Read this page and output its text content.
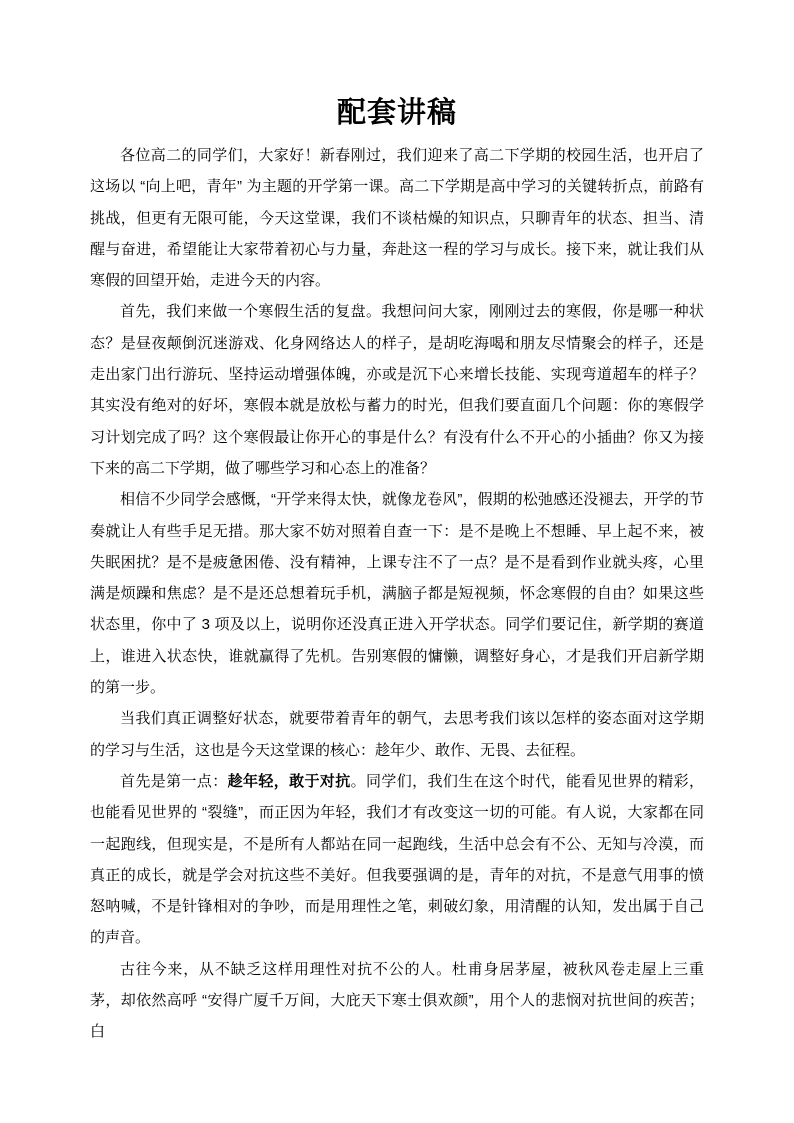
配套讲稿

各位高二的同学们，大家好！新春刚过，我们迎来了高二下学期的校园生活，也开启了这场以 “向上吧，青年” 为主题的开学第一课。高二下学期是高中学习的关键转折点，前路有挑战，但更有无限可能，今天这堂课，我们不谈枯燥的知识点，只聊青年的状态、担当、清醒与奋进，希望能让大家带着初心与力量，奔赴这一程的学习与成长。接下来，就让我们从寒假的回望开始，走进今天的内容。

首先，我们来做一个寒假生活的复盘。我想问问大家，刚刚过去的寒假，你是哪一种状态？是昼夜颠倒沉迷游戏、化身网络达人的样子，是胡吃海喝和朋友尽情聚会的样子，还是走出家门出行游玩、坚持运动增强体魄，亦或是沉下心来增长技能、实现弯道超车的样子？其实没有绝对的好坏，寒假本就是放松与蓄力的时光，但我们要直面几个问题：你的寒假学习计划完成了吗？这个寒假最让你开心的事是什么？有没有什么不开心的小插曲？你又为接下来的高二下学期，做了哪些学习和心态上的准备？

相信不少同学会感慨，“开学来得太快，就像龙卷风”，假期的松弛感还没褪去，开学的节奏就让人有些手足无措。那大家不妨对照着自查一下：是不是晚上不想睡、早上起不来，被失眠困扰？是不是疲惫困倦、没有精神，上课专注不了一点？是不是看到作业就头疼，心里满是烦躁和焦虑？是不是还总想着玩手机，满脑子都是短视频，怀念寒假的自由？如果这些状态里，你中了 3 项及以上，说明你还没真正进入开学状态。同学们要记住，新学期的赛道上，谁进入状态快，谁就赢得了先机。告别寒假的慵懒，调整好身心，才是我们开启新学期的第一步。

当我们真正调整好状态，就要带着青年的朝气，去思考我们该以怎样的姿态面对这学期的学习与生活，这也是今天这堂课的核心：趁年少、敢作、无畏、去征程。

首先是第一点：趁年轻，敢于对抗。同学们，我们生在这个时代，能看见世界的精彩，也能看见世界的 “裂缝”，而正因为年轻，我们才有改变这一切的可能。有人说，大家都在同一起跑线，但现实是，不是所有人都站在同一起跑线，生活中总会有不公、无知与冷漠，而真正的成长，就是学会对抗这些不美好。但我要强调的是，青年的对抗，不是意气用事的愤怒呐喊，不是针锋相对的争吵，而是用理性之笔，刺破幻象，用清醒的认知，发出属于自己的声音。

古往今来，从不缺乏这样用理性对抗不公的人。杜甫身居茅屋，被秋风卷走屋上三重茅，却依然高呼 “安得广厦千万间，大庇天下寒士俱欢颜”，用个人的悲悯对抗世间的疾苦；白
